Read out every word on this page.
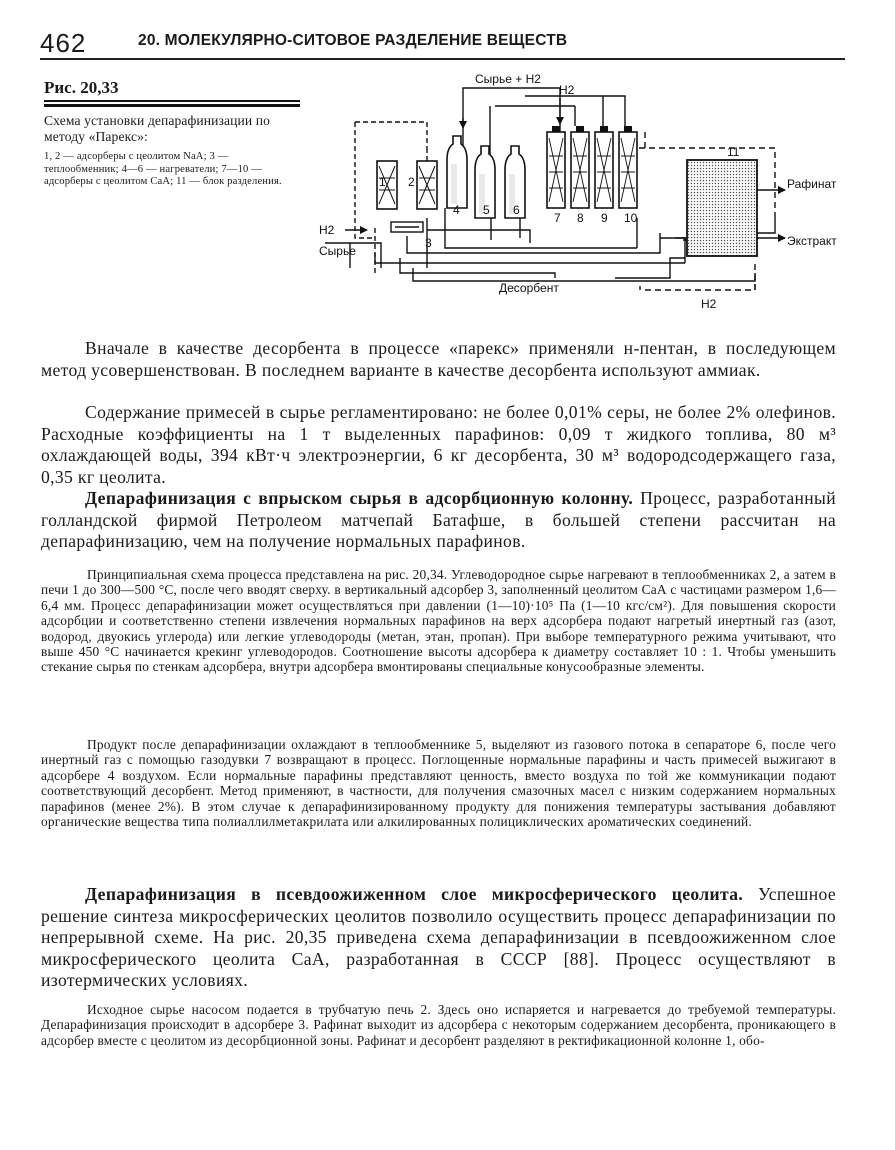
462	20. МОЛЕКУЛЯРНО-СИТОВОЕ РАЗДЕЛЕНИЕ ВЕЩЕСТВ
Рис. 20,33
Схема установки депарафинизации по методу «Парекс»:
1, 2 — адсорберы с цеолитом NaA; 3 — теплообменник; 4—6 — нагреватели; 7—10 — адсорберы с цеолитом СаА; 11 — блок разделения.
Сырье + H2
H2
H2
Сырье
Десорбент
H2
Рафинат
Экстракт
1 2
3
4 5 6
7 8 9 10
11

Вначале в качестве десорбента в процессе «парекс» применяли н-пентан, в последующем метод усовершенствован. В последнем варианте в качестве десорбента используют аммиак.

Содержание примесей в сырье регламентировано: не более 0,01% серы, не более 2% олефинов. Расходные коэффициенты на 1 т выделенных парафинов: 0,09 т жидкого топлива, 80 м³ охлаждающей воды, 394 кВт·ч электроэнергии, 6 кг десорбента, 30 м³ водородсодержащего газа, 0,35 кг цеолита.

Депарафинизация с впрыском сырья в адсорбционную колонну. Процесс, разработанный голландской фирмой Петролеом матчепай Батафше, в большей степени рассчитан на депарафинизацию, чем на получение нормальных парафинов.

Принципиальная схема процесса представлена на рис. 20,34. Углеводородное сырье нагревают в теплообменниках 2, а затем в печи 1 до 300—500 °С, после чего вводят сверху. в вертикальный адсорбер 3, заполненный цеолитом СаА с частицами размером 1,6—6,4 мм. Процесс депарафинизации может осуществляться при давлении (1—10)·10⁵ Па (1—10 кгс/см²). Для повышения скорости адсорбции и соответственно степени извлечения нормальных парафинов на верх адсорбера подают нагретый инертный газ (азот, водород, двуокись углерода) или легкие углеводороды (метан, этан, пропан). При выборе температурного режима учитывают, что выше 450 °С начинается крекинг углеводородов. Соотношение высоты адсорбера к диаметру составляет 10 : 1. Чтобы уменьшить стекание сырья по стенкам адсорбера, внутри адсорбера вмонтированы специальные конусообразные элементы.

Продукт после депарафинизации охлаждают в теплообменнике 5, выделяют из газового потока в сепараторе 6, после чего инертный газ с помощью газодувки 7 возвращают в процесс. Поглощенные нормальные парафины и часть примесей выжигают в адсорбере 4 воздухом. Если нормальные парафины представляют ценность, вместо воздуха по той же коммуникации подают соответствующий десорбент. Метод применяют, в частности, для получения смазочных масел с низким содержанием нормальных парафинов (менее 2%). В этом случае к депарафинизированному продукту для понижения температуры застывания добавляют органические вещества типа полиаллилметакрилата или алкилированных полициклических ароматических соединений.

Депарафинизация в псевдоожиженном слое микросферического цеолита. Успешное решение синтеза микросферических цеолитов позволило осуществить процесс депарафинизации по непрерывной схеме. На рис. 20,35 приведена схема депарафинизации в псевдоожиженном слое микросферического цеолита СаА, разработанная в СССР [88]. Процесс осуществляют в изотермических условиях.

Исходное сырье насосом подается в трубчатую печь 2. Здесь оно испаряется и нагревается до требуемой температуры. Депарафинизация происходит в адсорбере 3. Рафинат выходит из адсорбера с некоторым содержанием десорбента, проникающего в адсорбер вместе с цеолитом из десорбционной зоны. Рафинат и десорбент разделяют в ректификационной колонне 1, обо-
